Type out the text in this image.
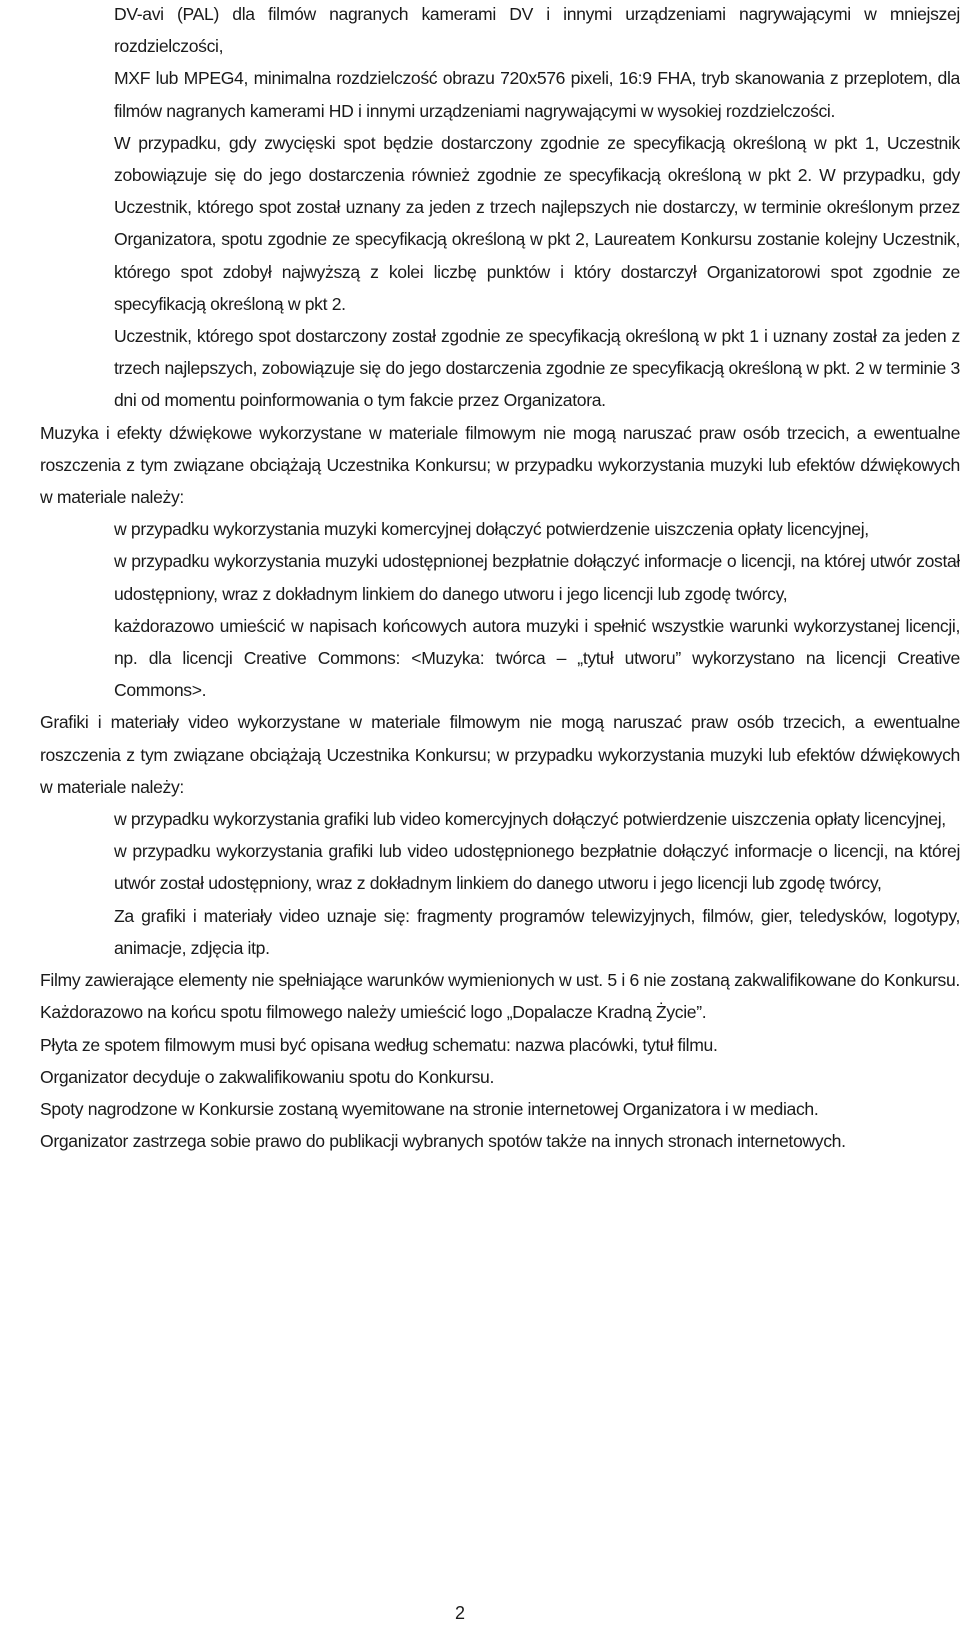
DV-avi (PAL) dla filmów nagranych kamerami DV i innymi urządzeniami nagrywającymi w mniejszej rozdzielczości,
MXF lub MPEG4, minimalna rozdzielczość obrazu 720x576 pixeli, 16:9 FHA, tryb skanowania z przeplotem, dla filmów nagranych kamerami HD i innymi urządzeniami nagrywającymi w wysokiej rozdzielczości.
W przypadku, gdy zwycięski spot będzie dostarczony zgodnie ze specyfikacją określoną w pkt 1, Uczestnik zobowiązuje się do jego dostarczenia również zgodnie ze specyfikacją określoną w pkt 2. W przypadku, gdy Uczestnik, którego spot został uznany za jeden z trzech najlepszych nie dostarczy, w terminie określonym przez Organizatora, spotu zgodnie ze specyfikacją określoną w pkt 2, Laureatem Konkursu zostanie kolejny Uczestnik, którego spot zdobył najwyższą z kolei liczbę punktów i który dostarczył Organizatorowi spot zgodnie ze specyfikacją określoną w pkt 2.
Uczestnik, którego spot dostarczony został zgodnie ze specyfikacją określoną w pkt 1 i uznany został za jeden z trzech najlepszych, zobowiązuje się do jego dostarczenia zgodnie ze specyfikacją określoną w pkt. 2 w terminie 3 dni od momentu poinformowania o tym fakcie przez Organizatora.
Muzyka i efekty dźwiękowe wykorzystane w materiale filmowym nie mogą naruszać praw osób trzecich, a ewentualne roszczenia z tym związane obciążają Uczestnika Konkursu; w przypadku wykorzystania muzyki lub efektów dźwiękowych w materiale należy:
w przypadku wykorzystania muzyki komercyjnej dołączyć potwierdzenie uiszczenia opłaty licencyjnej,
w przypadku wykorzystania muzyki udostępnionej bezpłatnie dołączyć informacje o licencji, na której utwór został udostępniony, wraz z dokładnym linkiem do danego utworu i jego licencji lub zgodę twórcy,
każdorazowo umieścić w napisach końcowych autora muzyki i spełnić wszystkie warunki wykorzystanej licencji, np. dla licencji Creative Commons: <Muzyka: twórca – „tytuł utworu” wykorzystano na licencji Creative Commons>.
Grafiki i materiały video wykorzystane w materiale filmowym nie mogą naruszać praw osób trzecich, a ewentualne roszczenia z tym związane obciążają Uczestnika Konkursu; w przypadku wykorzystania muzyki lub efektów dźwiękowych w materiale należy:
w przypadku wykorzystania grafiki lub video komercyjnych dołączyć potwierdzenie uiszczenia opłaty licencyjnej,
w przypadku wykorzystania grafiki lub video udostępnionego bezpłatnie dołączyć informacje o licencji, na której utwór został udostępniony, wraz z dokładnym linkiem do danego utworu i jego licencji lub zgodę twórcy,
Za grafiki i materiały video uznaje się: fragmenty programów telewizyjnych, filmów, gier, teledysków, logotypy, animacje, zdjęcia itp.
Filmy zawierające elementy nie spełniające warunków wymienionych w ust. 5 i 6 nie zostaną zakwalifikowane do Konkursu.
Każdorazowo na końcu spotu filmowego należy umieścić logo „Dopalacze Kradną Życie”.
Płyta ze spotem filmowym musi być opisana według schematu: nazwa placówki, tytuł filmu.
Organizator decyduje o zakwalifikowaniu spotu do Konkursu.
Spoty nagrodzone w Konkursie zostaną wyemitowane na stronie internetowej Organizatora i w mediach.
Organizator zastrzega sobie prawo do publikacji wybranych spotów także na innych stronach internetowych.
2
